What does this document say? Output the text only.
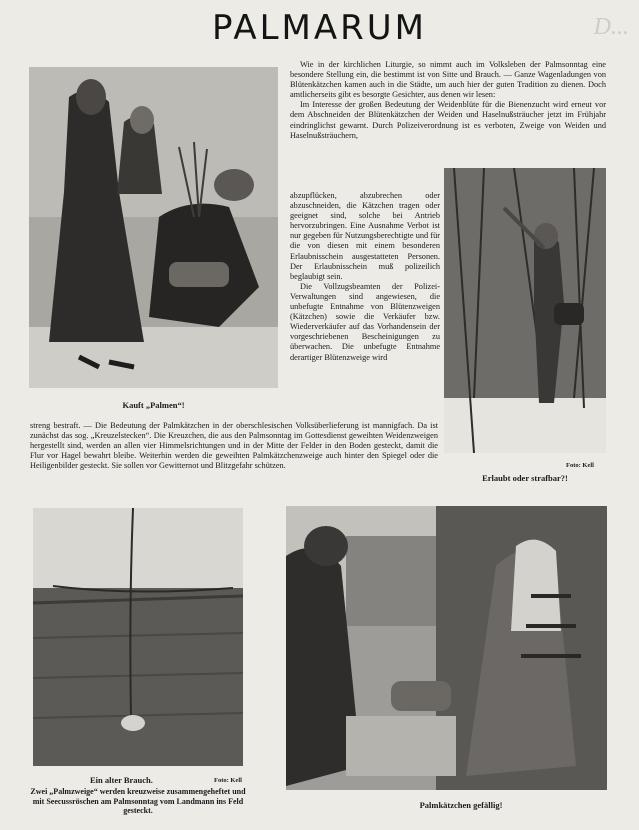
D...
PALMARUM
Kauft „Palmen“!
Foto: Kell
Erlaubt oder strafbar?!

Wie in der kirchlichen Liturgie, so nimmt auch im Volksleben der Palmsonntag eine besondere Stellung ein, die bestimmt ist von Sitte und Brauch. — Ganze Wagenladungen von Blütenkätzchen kamen auch in die Städte, um auch hier der guten Tradition zu dienen. Doch amtlicherseits gibt es besorgte Gesichter, aus denen wir lesen:

Im Interesse der großen Bedeutung der Weidenblüte für die Bienenzucht wird erneut vor dem Abschneiden der Blütenkätzchen der Weiden und Haselnußsträucher jetzt im Frühjahr eindringlichst gewarnt. Durch Polizeiverordnung ist es verboten, Zweige von Weiden und Haselnußsträuchern,

abzupflücken, abzubrechen oder abzuschneiden, die Kätzchen tragen oder geeignet sind, solche bei Antrieb hervorzubringen. Eine Ausnahme Verbot ist nur gegeben für Nutzungsberechtigte und für die von diesen mit einem besonderen Erlaubnisschein ausgestatteten Personen. Der Erlaubnisschein muß polizeilich beglaubigt sein.

Die Vollzugsbeamten der Polizei-Verwaltungen sind angewiesen, die unbefugte Entnahme von Blütenzweigen (Kätzchen) sowie die Verkäufer bzw. Wiederverkäufer auf das Vorhandensein der vorgeschriebenen Bescheinigungen zu überwachen. Die unbefugte Entnahme derartiger Blütenzweige wird

streng bestraft. — Die Bedeutung der Palmkätzchen in der oberschlesischen Volksüberlieferung ist mannigfach. Da ist zunächst das sog. „Kreuzelstecken“. Die Kreuzchen, die aus den Palmsonntag im Gottesdienst geweihten Weidenzweigen hergestellt sind, werden an allen vier Himmelsrichtungen und in der Mitte der Felder in den Boden gesteckt, damit die Flur vor Hagel bewahrt bleibe. Weiterhin werden die geweihten Palmkätzchenzweige auch hinter den Spiegel oder die Heiligenbilder gesteckt. Sie sollen vor Gewitternot und Blitzgefahr schützen.

Ein alter Brauch.	Foto: Kell
Zwei „Palmzweige“ werden kreuzweise zusammengeheftet und mit Seecussröschen am Palmsonntag vom Landmann ins Feld gesteckt.
Palmkätzchen gefällig!
